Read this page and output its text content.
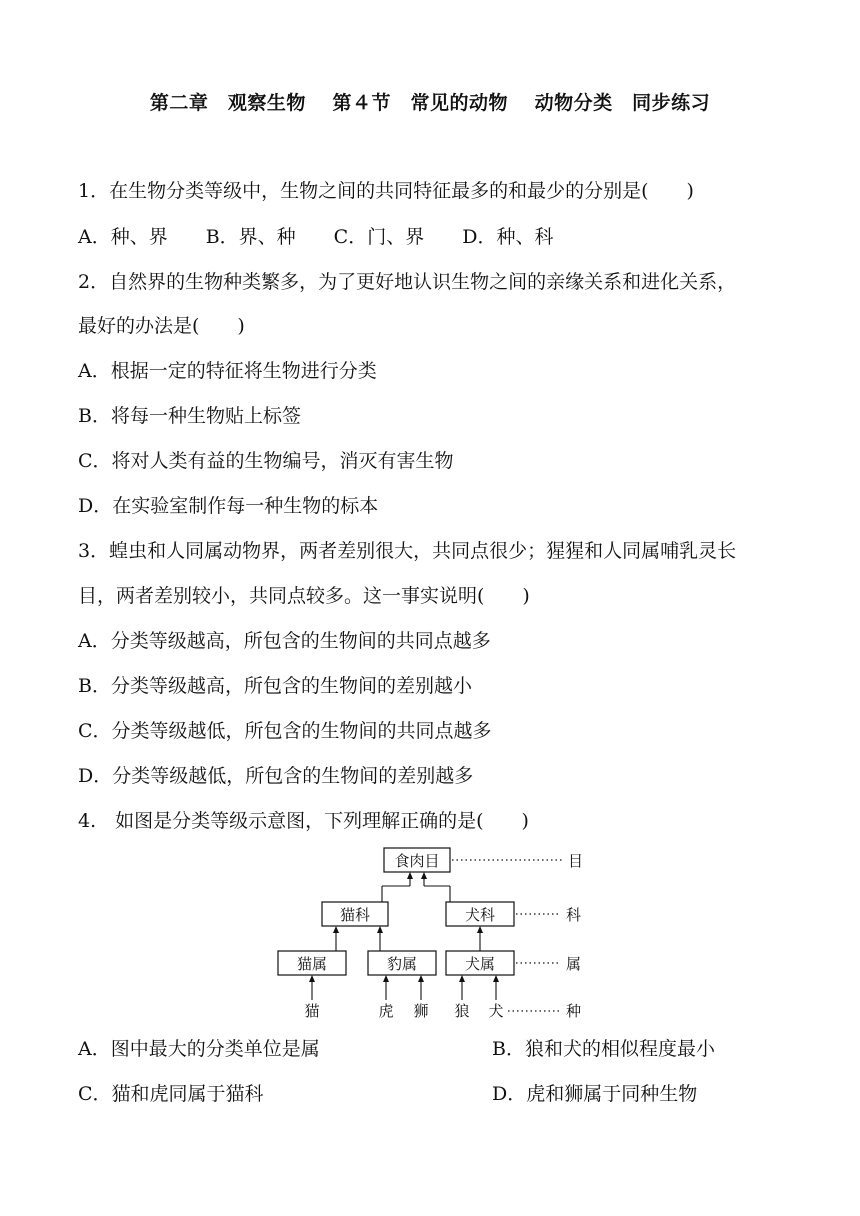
第二章　观察生物　 第４节　常见的动物　 动物分类　同步练习
1．在生物分类等级中，生物之间的共同特征最多的和最少的分别是(　　)
A．种、界　　B．界、种　　C．门、界　　D．种、科
2．自然界的生物种类繁多，为了更好地认识生物之间的亲缘关系和进化关系，
最好的办法是(　　)
A．根据一定的特征将生物进行分类
B．将每一种生物贴上标签
C．将对人类有益的生物编号，消灭有害生物
D．在实验室制作每一种生物的标本
3．蝗虫和人同属动物界，两者差别很大，共同点很少；猩猩和人同属哺乳灵长
目，两者差别较小，共同点较多。这一事实说明(　　)
A．分类等级越高，所包含的生物间的共同点越多
B．分类等级越高，所包含的生物间的差别越小
C．分类等级越低，所包含的生物间的共同点越多
D．分类等级越低，所包含的生物间的差别越多
4.　如图是分类等级示意图，下列理解正确的是(　　)
食肉目
猫科	犬科
猫属	豹属	犬属
猫	虎 狮 狼 犬
目
科
属
种
A．图中最大的分类单位是属	B．狼和犬的相似程度最小
C．猫和虎同属于猫科	D．虎和狮属于同种生物
